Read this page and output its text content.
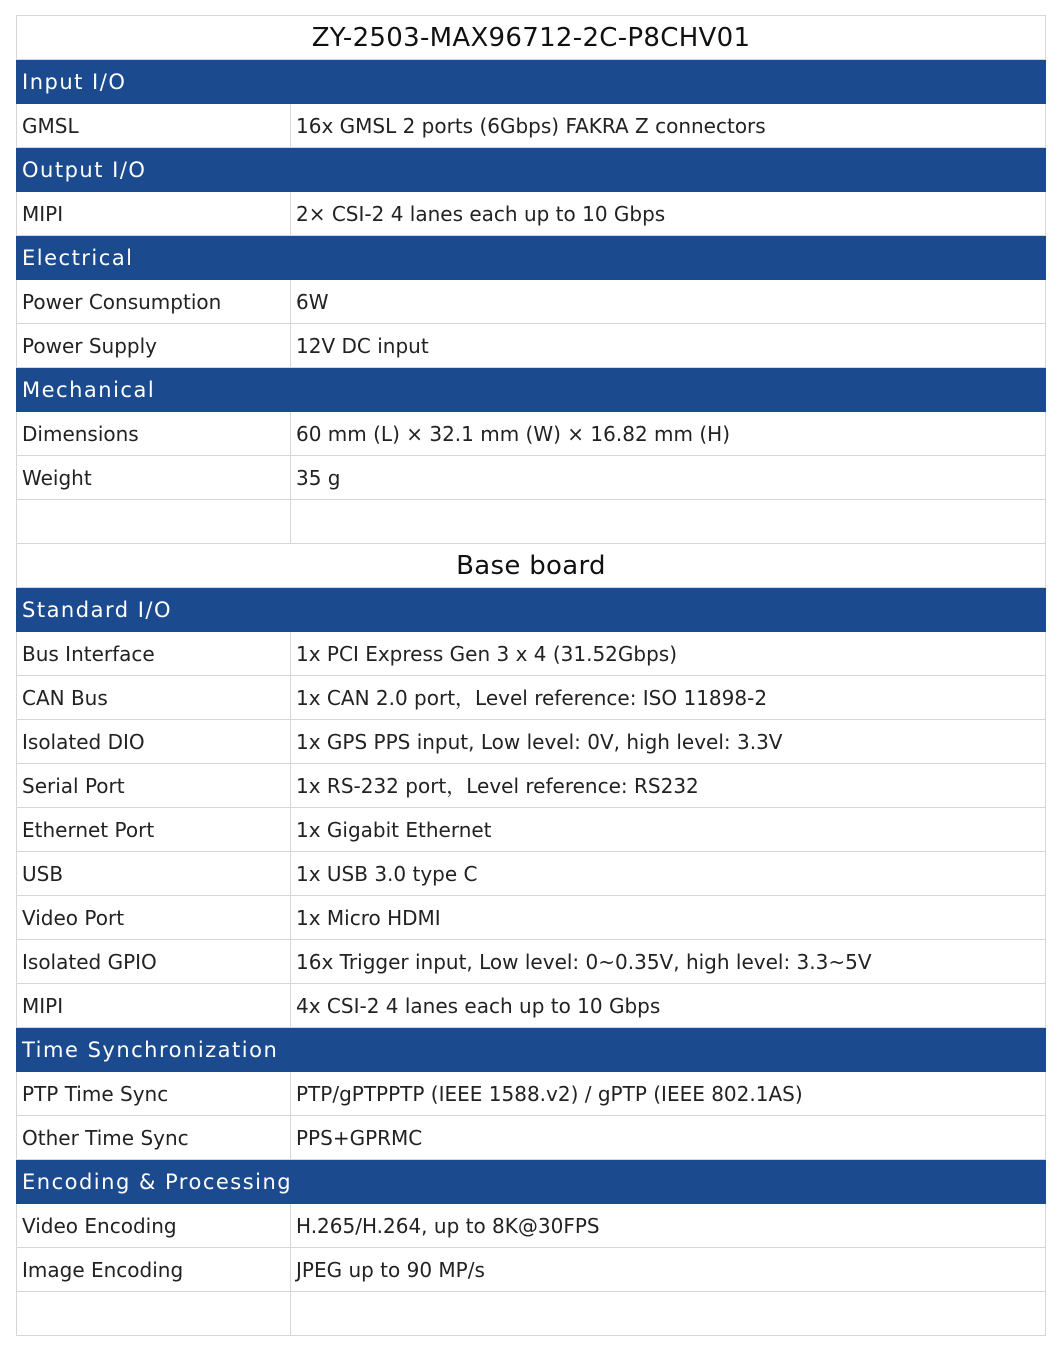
ZY-2503-MAX96712-2C-P8CHV01	
Input I/O	
GMSL	16x GMSL 2 ports (6Gbps) FAKRA Z connectors
Output I/O	
MIPI	2× CSI-2 4 lanes each up to 10 Gbps
Electrical	
Power Consumption	6W
Power Supply	12V DC input
Mechanical	
Dimensions	60 mm (L) × 32.1 mm (W) × 16.82 mm (H)
Weight	35 g

Base board	
Standard I/O	
Bus Interface	1x PCI Express Gen 3 x 4 (31.52Gbps)
CAN Bus	1x CAN 2.0 port，Level reference: ISO 11898-2
Isolated DIO	1x GPS PPS input, Low level: 0V, high level: 3.3V
Serial Port	1x RS-232 port，Level reference: RS232
Ethernet Port	1x Gigabit Ethernet
USB	1x USB 3.0 type C
Video Port	1x Micro HDMI
Isolated GPIO	16x Trigger input, Low level: 0~0.35V, high level: 3.3~5V
MIPI	4x CSI-2 4 lanes each up to 10 Gbps
Time Synchronization	
PTP Time Sync	PTP/gPTPPTP (IEEE 1588.v2) / gPTP (IEEE 802.1AS)
Other Time Sync	PPS+GPRMC
Encoding & Processing	
Video Encoding	H.265/H.264, up to 8K@30FPS
Image Encoding	JPEG up to 90 MP/s
